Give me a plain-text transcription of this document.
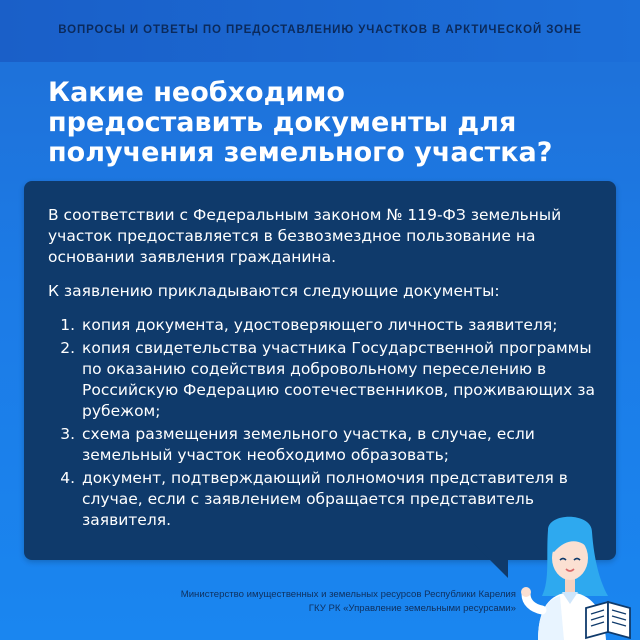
ВОПРОСЫ И ОТВЕТЫ ПО ПРЕДОСТАВЛЕНИЮ УЧАСТКОВ В АРКТИЧЕСКОЙ ЗОНЕ
Какие необходимо предоставить документы для получения земельного участка?

В соответствии с Федеральным законом № 119-ФЗ земельный участок предоставляется в безвозмездное пользование на основании заявления гражданина.

К заявлению прикладываются следующие документы:

1. копия документа, удостоверяющего личность заявителя;
2. копия свидетельства участника Государственной программы по оказанию содействия добровольному переселению в Российскую Федерацию соотечественников, проживающих за рубежом;
3. схема размещения земельного участка, в случае, если земельный участок необходимо образовать;
4. документ, подтверждающий полномочия представителя в случае, если с заявлением обращается представитель заявителя.
Министерство имущественных и земельных ресурсов Республики Карелия
ГКУ РК «Управление земельными ресурсами»
